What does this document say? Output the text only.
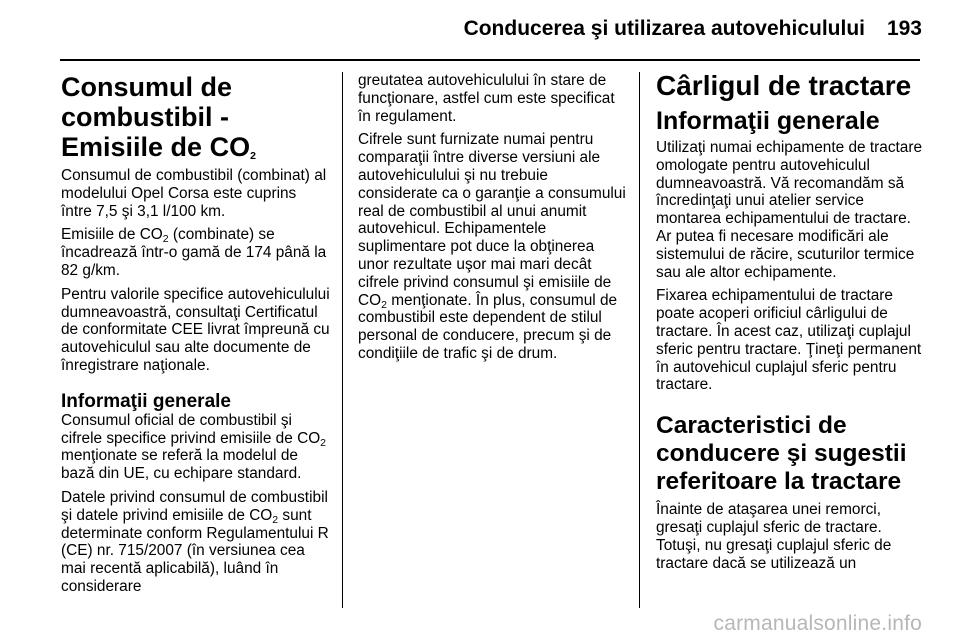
Conducerea şi utilizarea autovehiculului 193
Consumul de combustibil -
Emisiile de $CO_2$

Consumul de combustibil (combinat) al modelului Opel Corsa este cuprins între 7,5 şi 3,1 l/100 km.

Emisiile de $CO_2$ (combinate) se încadrează într-o gamă de 174 până la 82 g/km.

Pentru valorile specifice autovehiculului dumneavoastră, consultaţi Certificatul de conformitate CEE livrat împreună cu autovehiculul sau alte documente de înregistrare naţionale.

Informaţii generale

Consumul oficial de combustibil şi cifrele specifice privind emisiile de $CO_2$ menţionate se referă la modelul de bază din UE, cu echipare standard.

Datele privind consumul de combustibil şi datele privind emisiile de $CO_2$ sunt determinate conform Regulamentului R (CE) nr. 715/2007 (în versiunea cea mai recentă aplicabilă), luând în considerare

greutatea autovehiculului în stare de funcţionare, astfel cum este specificat în regulament.

Cifrele sunt furnizate numai pentru comparaţii între diverse versiuni ale autovehiculului şi nu trebuie considerate ca o garanţie a consumului real de combustibil al unui anumit autovehicul. Echipamentele suplimentare pot duce la obţinerea unor rezultate uşor mai mari decât cifrele privind consumul şi emisiile de $CO_2$ menţionate. În plus, consumul de combustibil este dependent de stilul personal de conducere, precum şi de condiţiile de trafic şi de drum.

Cârligul de tractare
Informaţii generale

Utilizaţi numai echipamente de tractare omologate pentru autovehiculul dumneavoastră. Vă recomandăm să încredinţaţi unui atelier service montarea echipamentului de tractare. Ar putea fi necesare modificări ale sistemului de răcire, scuturilor termice sau ale altor echipamente.

Fixarea echipamentului de tractare poate acoperi orificiul cârligului de tractare. În acest caz, utilizaţi cuplajul sferic pentru tractare. Ţineţi permanent în autovehicul cuplajul sferic pentru tractare.

Caracteristici de
conducere şi sugestii
referitoare la tractare

Înainte de ataşarea unei remorci, gresaţi cuplajul sferic de tractare. Totuşi, nu gresaţi cuplajul sferic de tractare dacă se utilizează un

carmanualsonline.info
